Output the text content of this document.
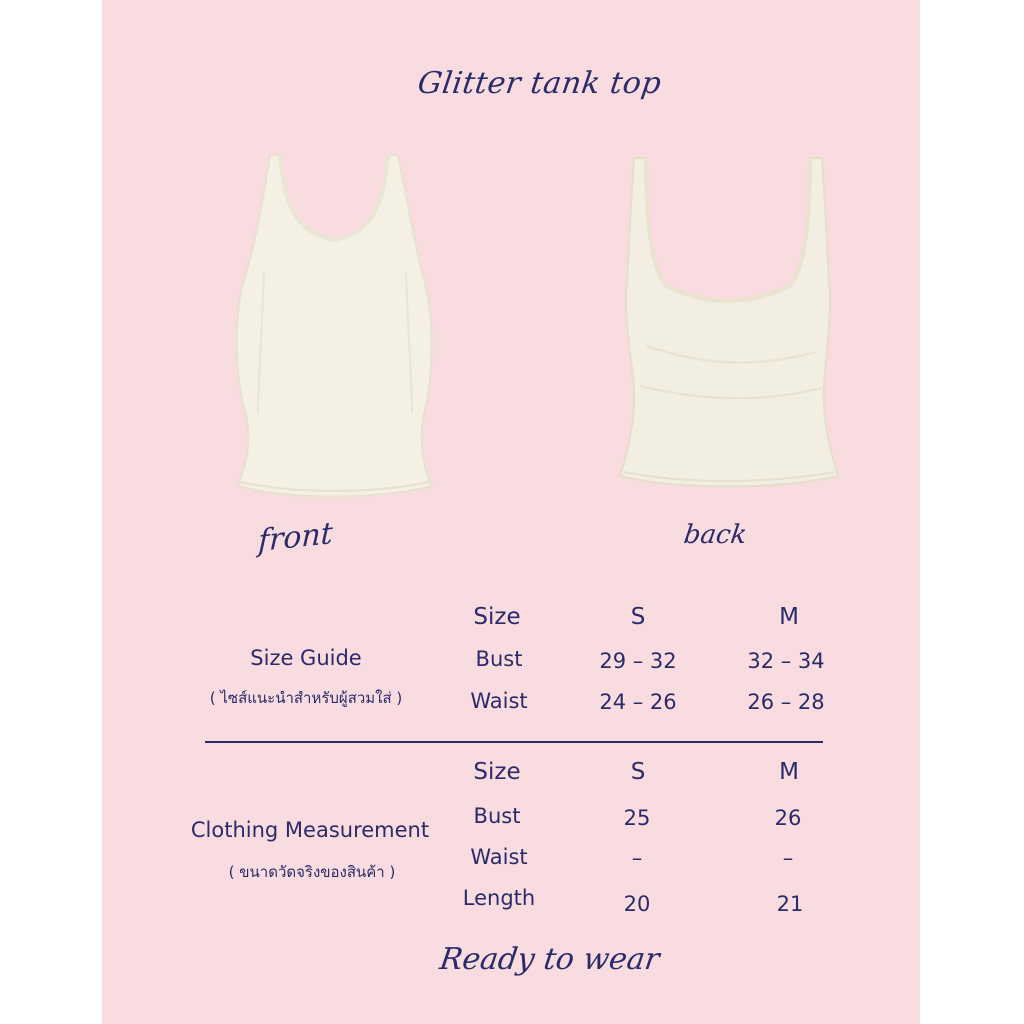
Glitter tank top
front	back
Size Guide
( ไซส์แนะนำสำหรับผู้สวมใส่ )
Size	S	M
Bust	29 – 32	32 – 34
Waist	24 – 26	26 – 28
Clothing Measurement
( ขนาดวัดจริงของสินค้า )
Size	S	M
Bust	25	26
Waist	–	–
Length	20	21
Ready to wear
